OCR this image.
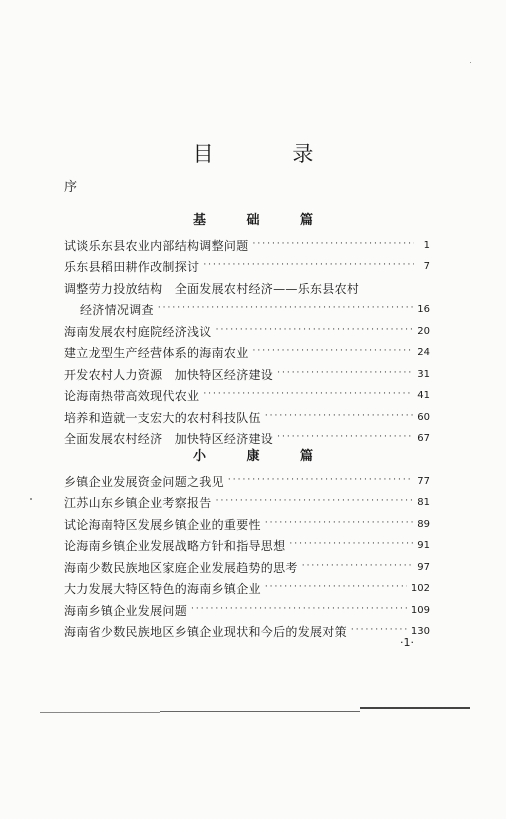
目 录
序
基 础 篇
试谈乐东县农业内部结构调整问题 ·····	1
乐东县稻田耕作改制探讨 ·····	7
调整劳力投放结构　全面发展农村经济——乐东县农村
经济情况调查 ·····	16
海南发展农村庭院经济浅议 ·····	20
建立龙型生产经营体系的海南农业 ·····	24
开发农村人力资源　加快特区经济建设 ·····	31
论海南热带高效现代农业 ·····	41
培养和造就一支宏大的农村科技队伍 ·····	60
全面发展农村经济　加快特区经济建设 ·····	67
小 康 篇
乡镇企业发展资金问题之我见 ·····	77
江苏山东乡镇企业考察报告 ·····	81
试论海南特区发展乡镇企业的重要性 ·····	89
论海南乡镇企业发展战略方针和指导思想 ·····	91
海南少数民族地区家庭企业发展趋势的思考 ·····	97
大力发展大特区特色的海南乡镇企业 ·····	102
海南乡镇企业发展问题 ·····	109
海南省少数民族地区乡镇企业现状和今后的发展对策 ·····	130
·1·
